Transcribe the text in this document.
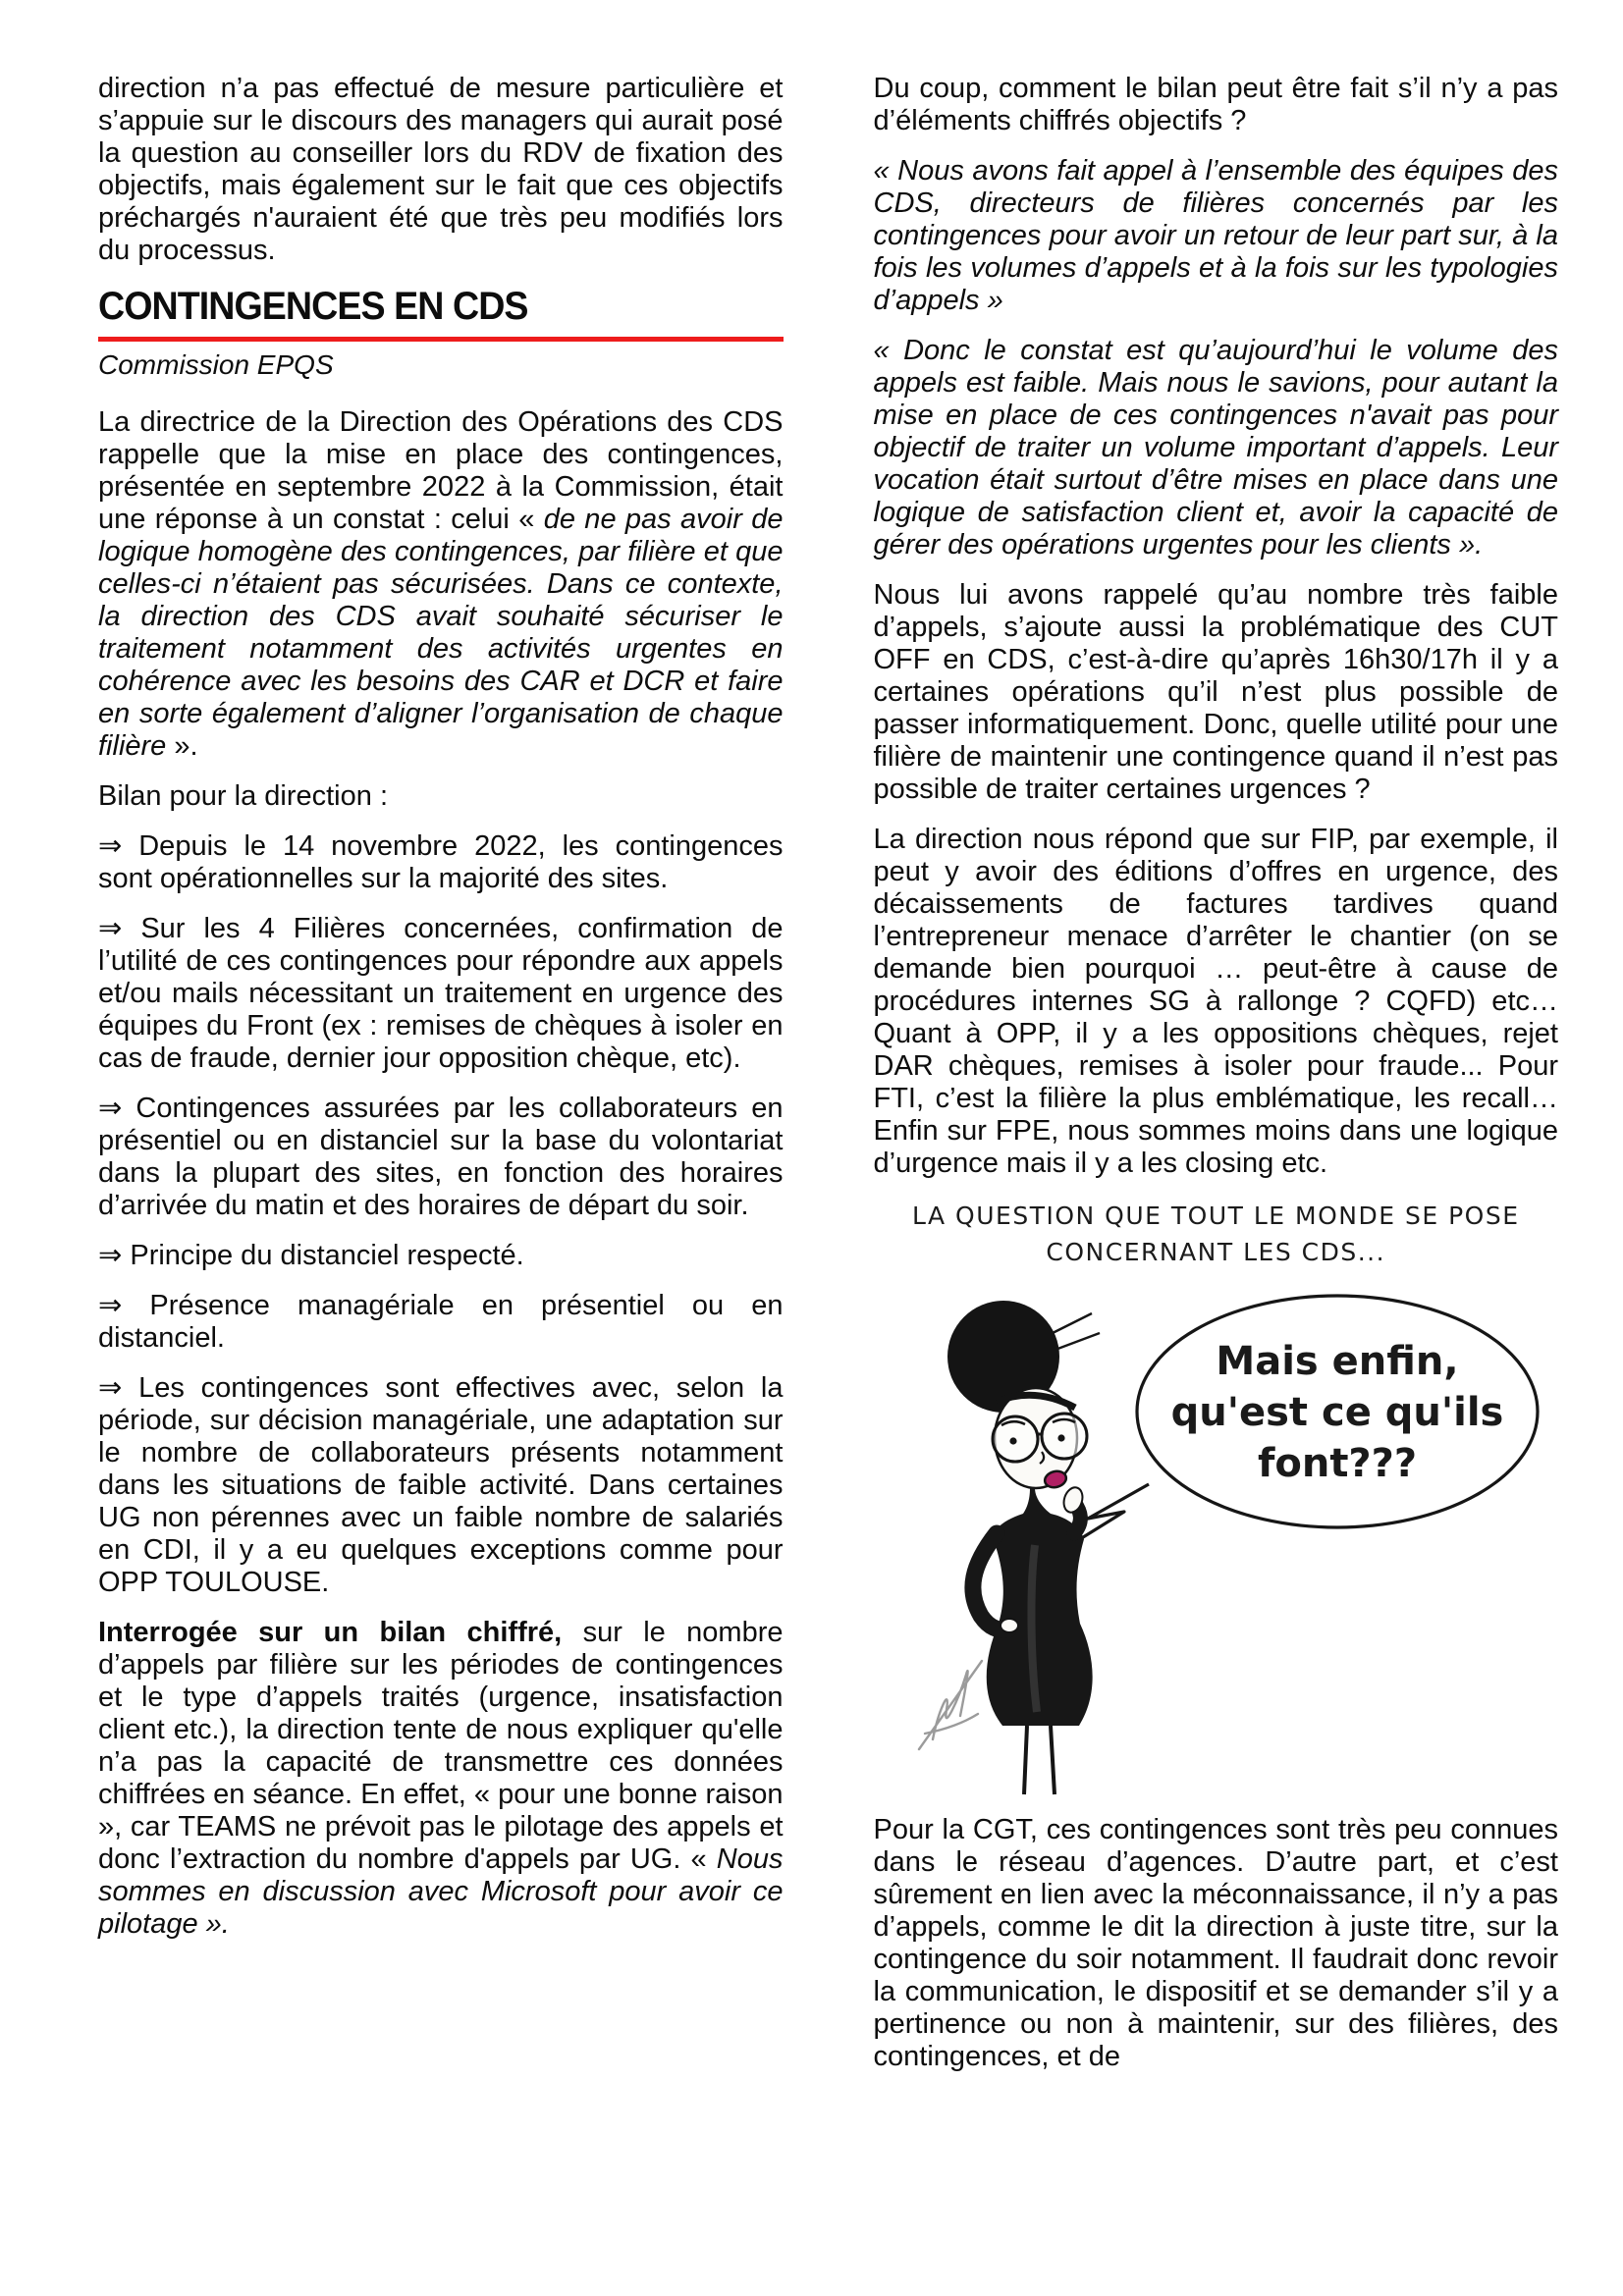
direction n’a pas effectué de mesure particulière et s’appuie sur le discours des managers qui aurait posé la question au conseiller lors du RDV de fixation des objectifs, mais également sur le fait que ces objectifs préchargés n'auraient été que très peu modifiés lors du processus.

CONTINGENCES EN CDS
Commission EPQS

La directrice de la Direction des Opérations des CDS rappelle que la mise en place des contingences, présentée en septembre 2022 à la Commission, était une réponse à un constat : celui « de ne pas avoir de logique homogène des contingences, par filière et que celles-ci n’étaient pas sécurisées. Dans ce contexte, la direction des CDS avait souhaité sécuriser le traitement notamment des activités urgentes en cohérence avec les besoins des CAR et DCR et faire en sorte également d’aligner l’organisation de chaque filière ».

Bilan pour la direction :

⇒ Depuis le 14 novembre 2022, les contingences sont opérationnelles sur la majorité des sites.

⇒ Sur les 4 Filières concernées, confirmation de l’utilité de ces contingences pour répondre aux appels et/ou mails nécessitant un traitement en urgence des équipes du Front (ex : remises de chèques à isoler en cas de fraude, dernier jour opposition chèque, etc).

⇒ Contingences assurées par les collaborateurs en présentiel ou en distanciel sur la base du volontariat dans la plupart des sites, en fonction des horaires d’arrivée du matin et des horaires de départ du soir.

⇒ Principe du distanciel respecté.

⇒ Présence managériale en présentiel ou en distanciel.

⇒ Les contingences sont effectives avec, selon la période, sur décision managériale, une adaptation sur le nombre de collaborateurs présents notamment dans les situations de faible activité. Dans certaines UG non pérennes avec un faible nombre de salariés en CDI, il y a eu quelques exceptions comme pour OPP TOULOUSE.

Interrogée sur un bilan chiffré, sur le nombre d’appels par filière sur les périodes de contingences et le type d’appels traités (urgence, insatisfaction client etc.), la direction tente de nous expliquer qu'elle n’a pas la capacité de transmettre ces données chiffrées en séance. En effet, « pour une bonne raison », car TEAMS ne prévoit pas le pilotage des appels et donc l’extraction du nombre d'appels par UG. « Nous sommes en discussion avec Microsoft pour avoir ce pilotage ».

Du coup, comment le bilan peut être fait s’il n’y a pas d’éléments chiffrés objectifs ?

« Nous avons fait appel à l’ensemble des équipes des CDS, directeurs de filières concernés par les contingences pour avoir un retour de leur part sur, à la fois les volumes d’appels et à la fois sur les typologies d’appels »

« Donc le constat est qu’aujourd’hui le volume des appels est faible. Mais nous le savions, pour autant la mise en place de ces contingences n'avait pas pour objectif de traiter un volume important d’appels. Leur vocation était surtout d’être mises en place dans une logique de satisfaction client et, avoir la capacité de gérer des opérations urgentes pour les clients ».

Nous lui avons rappelé qu’au nombre très faible d’appels, s’ajoute aussi la problématique des CUT OFF en CDS, c’est-à-dire qu’après 16h30/17h il y a certaines opérations qu’il n’est plus possible de passer informatiquement. Donc, quelle utilité pour une filière de maintenir une contingence quand il n’est pas possible de traiter certaines urgences ?

La direction nous répond que sur FIP, par exemple, il peut y avoir des éditions d’offres en urgence, des décaissements de factures tardives quand l’entrepreneur menace d’arrêter le chantier (on se demande bien pourquoi … peut-être à cause de procédures internes SG à rallonge ? CQFD) etc… Quant à OPP, il y a les oppositions chèques, rejet DAR chèques, remises à isoler pour fraude... Pour FTI, c’est la filière la plus emblématique, les recall… Enfin sur FPE, nous sommes moins dans une logique d’urgence mais il y a les closing etc.

LA QUESTION QUE TOUT LE MONDE SE POSE
CONCERNANT LES CDS...
Mais enfin,
qu'est ce qu'ils
font???

Pour la CGT, ces contingences sont très peu connues dans le réseau d’agences. D’autre part, et c’est sûrement en lien avec la méconnaissance, il n’y a pas d’appels, comme le dit la direction à juste titre, sur la contingence du soir notamment. Il faudrait donc revoir la communication, le dispositif et se demander s’il y a pertinence ou non à maintenir, sur des filières, des contingences, et de
